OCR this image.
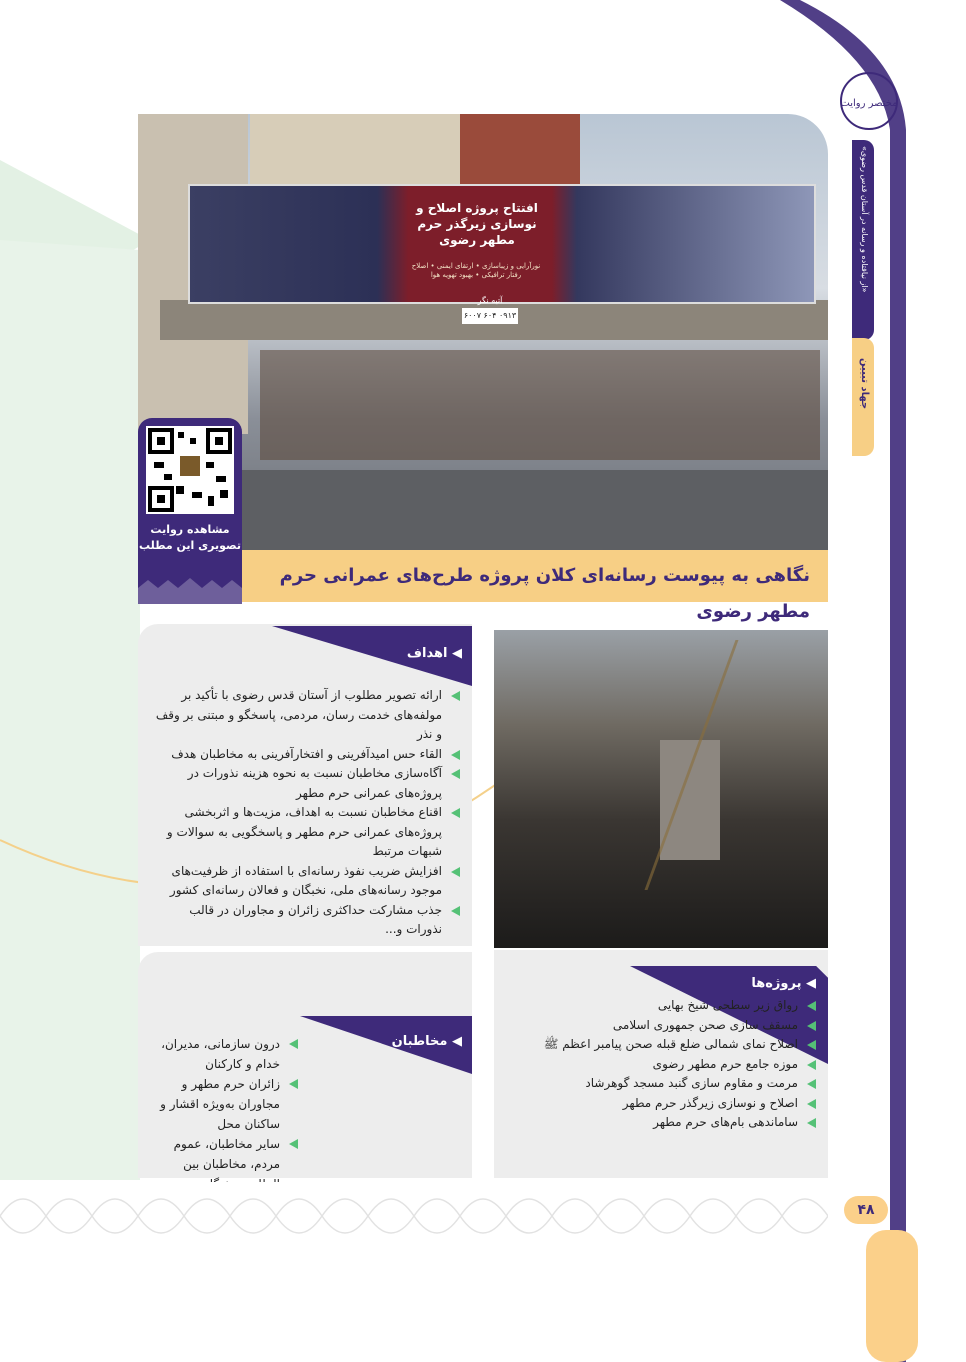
مختصر روایت
«از نیافتاده و رسانه در آستان قدس رضوی»
جهاد تبیین
افتتاح پروژه اصلاح و نوسازی زیرگذر حرم مطهر رضوی
نورآرایی و زیباسازی • ارتقای ایمنی • اصلاح رفتار ترافیکی • بهبود تهویه هوا
آتیه نگر
۰۹۱۳ ۶۰۴ ۶۰۰۷
مشاهده روایت تصویری این مطلب
نگاهی به پیوست رسانه‌ای کلان پروژه طرح‌های عمرانی حرم مطهر رضوی
◀ اهداف
ارائه تصویر مطلوب از آستان قدس رضوی با تأکید بر مولفه‌های خدمت رسان، مردمی، پاسخگو و مبتنی بر وقف و نذر
القاء حس امیدآفرینی و افتخارآفرینی به مخاطبان هدف
آگاه‌سازی مخاطبان نسبت به نحوه هزینه نذورات در پروژه‌های عمرانی حرم مطهر
اقناع مخاطبان نسبت به اهداف، مزیت‌ها و اثربخشی پروژه‌های عمرانی حرم مطهر و پاسخگویی به سوالات و شبهات مرتبط
افزایش ضریب نفوذ رسانه‌ای با استفاده از ظرفیت‌های موجود رسانه‌های ملی، نخبگان و فعالان رسانه‌ای کشور
جذب مشارکت حداکثری زائران و مجاوران در قالب نذورات و...
◀ مخاطبان
درون سازمانی، مدیران، خدام و کارکنان
زائران حرم مطهر و مجاوران به‌ویژه اقشار و ساکنان محل
سایر مخاطبان، عموم مردم، مخاطبان بین
◀ پروژه‌ها
رواق زیر سطحی شیخ بهایی
مسقف سازی صحن جمهوری اسلامی
اصلاح نمای شمالی ضلع قبله صحن پیامبر اعظم ﷺ
موزه جامع حرم مطهر رضوی
مرمت و مقاوم سازی گنبد مسجد گوهرشاد
اصلاح و نوسازی زیرگذر حرم مطهر
ساماندهی بام‌های حرم مطهر
۴۸
